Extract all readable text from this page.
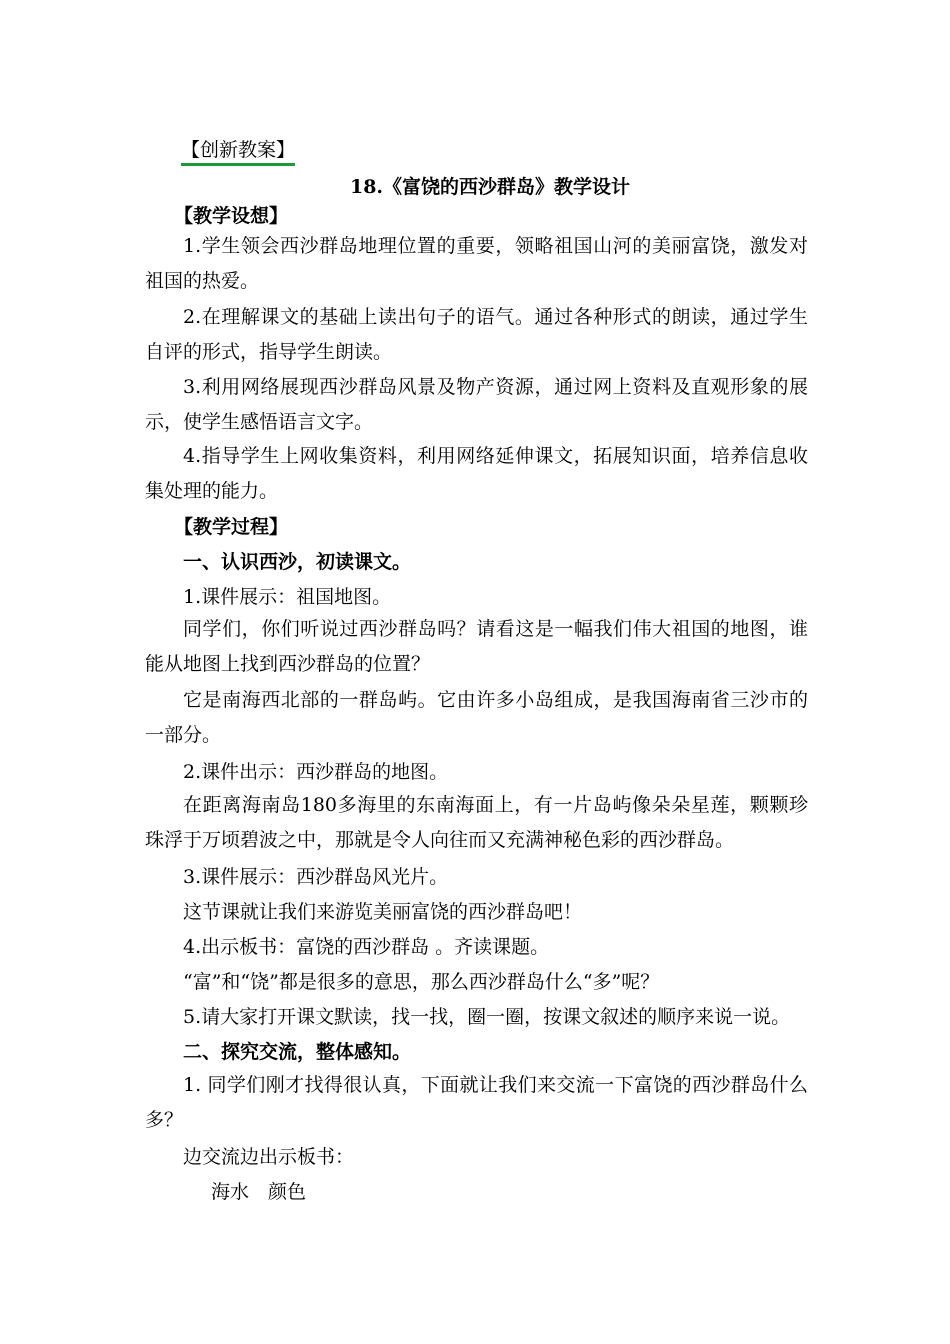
【创新教案】
18.《富饶的西沙群岛》教学设计
【教学设想】
1.学生领会西沙群岛地理位置的重要，领略祖国山河的美丽富饶，激发对祖国的热爱。
2.在理解课文的基础上读出句子的语气。通过各种形式的朗读，通过学生自评的形式，指导学生朗读。
3.利用网络展现西沙群岛风景及物产资源，通过网上资料及直观形象的展示，使学生感悟语言文字。
4.指导学生上网收集资料，利用网络延伸课文，拓展知识面，培养信息收集处理的能力。
【教学过程】
一、认识西沙，初读课文。
1.课件展示：祖国地图。
同学们，你们听说过西沙群岛吗？请看这是一幅我们伟大祖国的地图，谁能从地图上找到西沙群岛的位置？
它是南海西北部的一群岛屿。它由许多小岛组成，是我国海南省三沙市的一部分。
2.课件出示：西沙群岛的地图。
在距离海南岛180多海里的东南海面上，有一片岛屿像朵朵星莲，颗颗珍珠浮于万顷碧波之中，那就是令人向往而又充满神秘色彩的西沙群岛。
3.课件展示：西沙群岛风光片。
这节课就让我们来游览美丽富饶的西沙群岛吧！
4.出示板书：富饶的西沙群岛 。齐读课题。
“富”和“饶”都是很多的意思，那么西沙群岛什么“多”呢？
5.请大家打开课文默读，找一找，圈一圈，按课文叙述的顺序来说一说。
二、探究交流，整体感知。
1. 同学们刚才找得很认真，下面就让我们来交流一下富饶的西沙群岛什么多？
边交流边出示板书：
海水　颜色
